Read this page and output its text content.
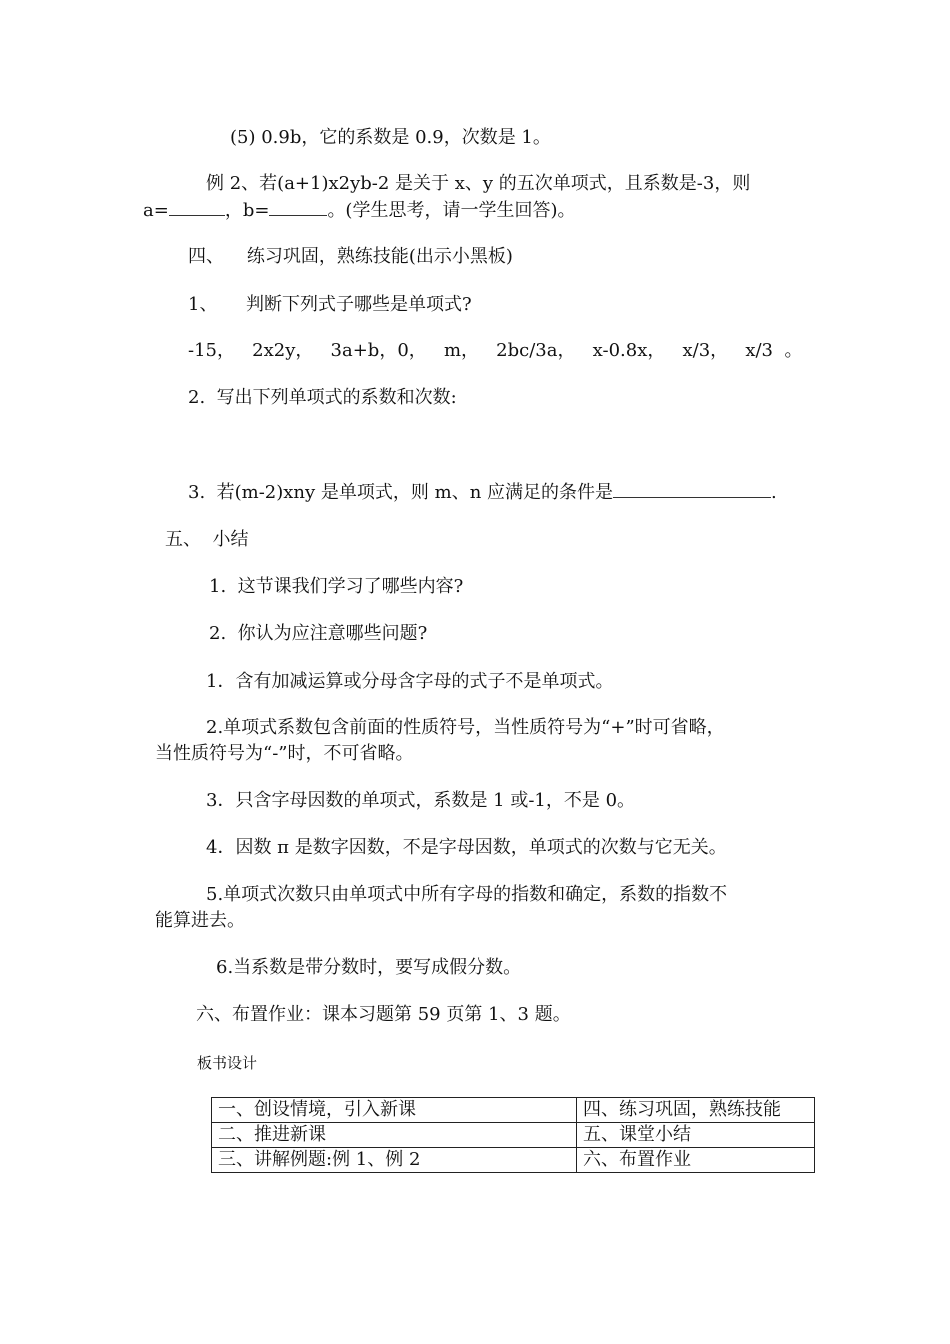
(5) 0.9b，它的系数是 0.9，次数是 1。
例 2、若(a+1)x2yb-2 是关于 x、y 的五次单项式，且系数是-3，则
a=	，b=	。(学生思考，请一学生回答)。
四、    练习巩固，熟练技能(出示小黑板)
1、     判断下列式子哪些是单项式?
-15，   2x2y，   3a+b，0，   m，   2bc/3a，   x-0.8x，   x/3，   x/3  。
2.  写出下列单项式的系数和次数:
3.  若(m-2)xny 是单项式，则 m、n 应满足的条件是	.
五、  小结
1.  这节课我们学习了哪些内容?
2.  你认为应注意哪些问题?
1．含有加减运算或分母含字母的式子不是单项式。
2.单项式系数包含前面的性质符号，当性质符号为“+”时可省略，
当性质符号为“-”时，不可省略。
3．只含字母因数的单项式，系数是 1 或-1，不是 0。
4．因数 π 是数字因数，不是字母因数，单项式的次数与它无关。
5.单项式次数只由单项式中所有字母的指数和确定，系数的指数不
能算进去。
6.当系数是带分数时，要写成假分数。
六、布置作业：课本习题第 59 页第 1、3 题。
板书设计
一、创设情境，引入新课	四、练习巩固，熟练技能
二、推进新课	五、课堂小结
三、讲解例题:例 1、例 2	六、布置作业
